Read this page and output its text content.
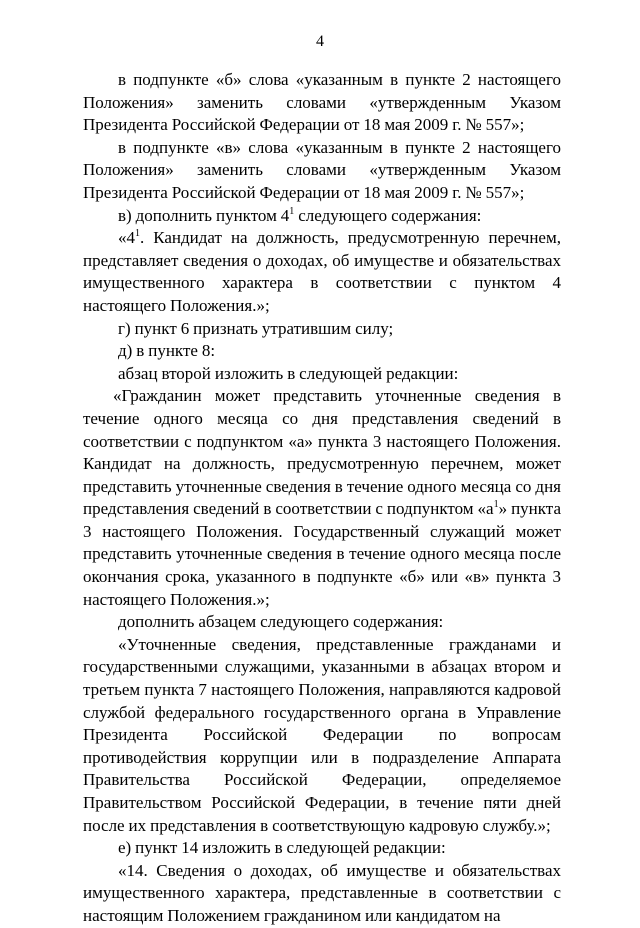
4

в подпункте «б» слова «указанным в пункте 2 настоящего Положения» заменить словами «утвержденным Указом Президента Российской Федерации от 18 мая 2009 г. № 557»;

в подпункте «в» слова «указанным в пункте 2 настоящего Положения» заменить словами «утвержденным Указом Президента Российской Федерации от 18 мая 2009 г. № 557»;

в) дополнить пунктом $4^1$ следующего содержания:

«$4^1$. Кандидат на должность, предусмотренную перечнем, представляет сведения о доходах, об имуществе и обязательствах имущественного характера в соответствии с пунктом 4 настоящего Положения.»;

г) пункт 6 признать утратившим силу;

д) в пункте 8:

абзац второй изложить в следующей редакции:

«Гражданин может представить уточненные сведения в течение одного месяца со дня представления сведений в соответствии с подпунктом «а» пункта 3 настоящего Положения. Кандидат на должность, предусмотренную перечнем, может представить уточненные сведения в течение одного месяца со дня представления сведений в соответствии с подпунктом «$а^1$» пункта 3 настоящего Положения. Государственный служащий может представить уточненные сведения в течение одного месяца после окончания срока, указанного в подпункте «б» или «в» пункта 3 настоящего Положения.»;

дополнить абзацем следующего содержания:

«Уточненные сведения, представленные гражданами и государственными служащими, указанными в абзацах втором и третьем пункта 7 настоящего Положения, направляются кадровой службой федерального государственного органа в Управление Президента Российской Федерации по вопросам противодействия коррупции или в подразделение Аппарата Правительства Российской Федерации, определяемое Правительством Российской Федерации, в течение пяти дней после их представления в соответствующую кадровую службу.»;

е) пункт 14 изложить в следующей редакции:

«14. Сведения о доходах, об имуществе и обязательствах имущественного характера, представленные в соответствии с настоящим Положением гражданином или кандидатом на
